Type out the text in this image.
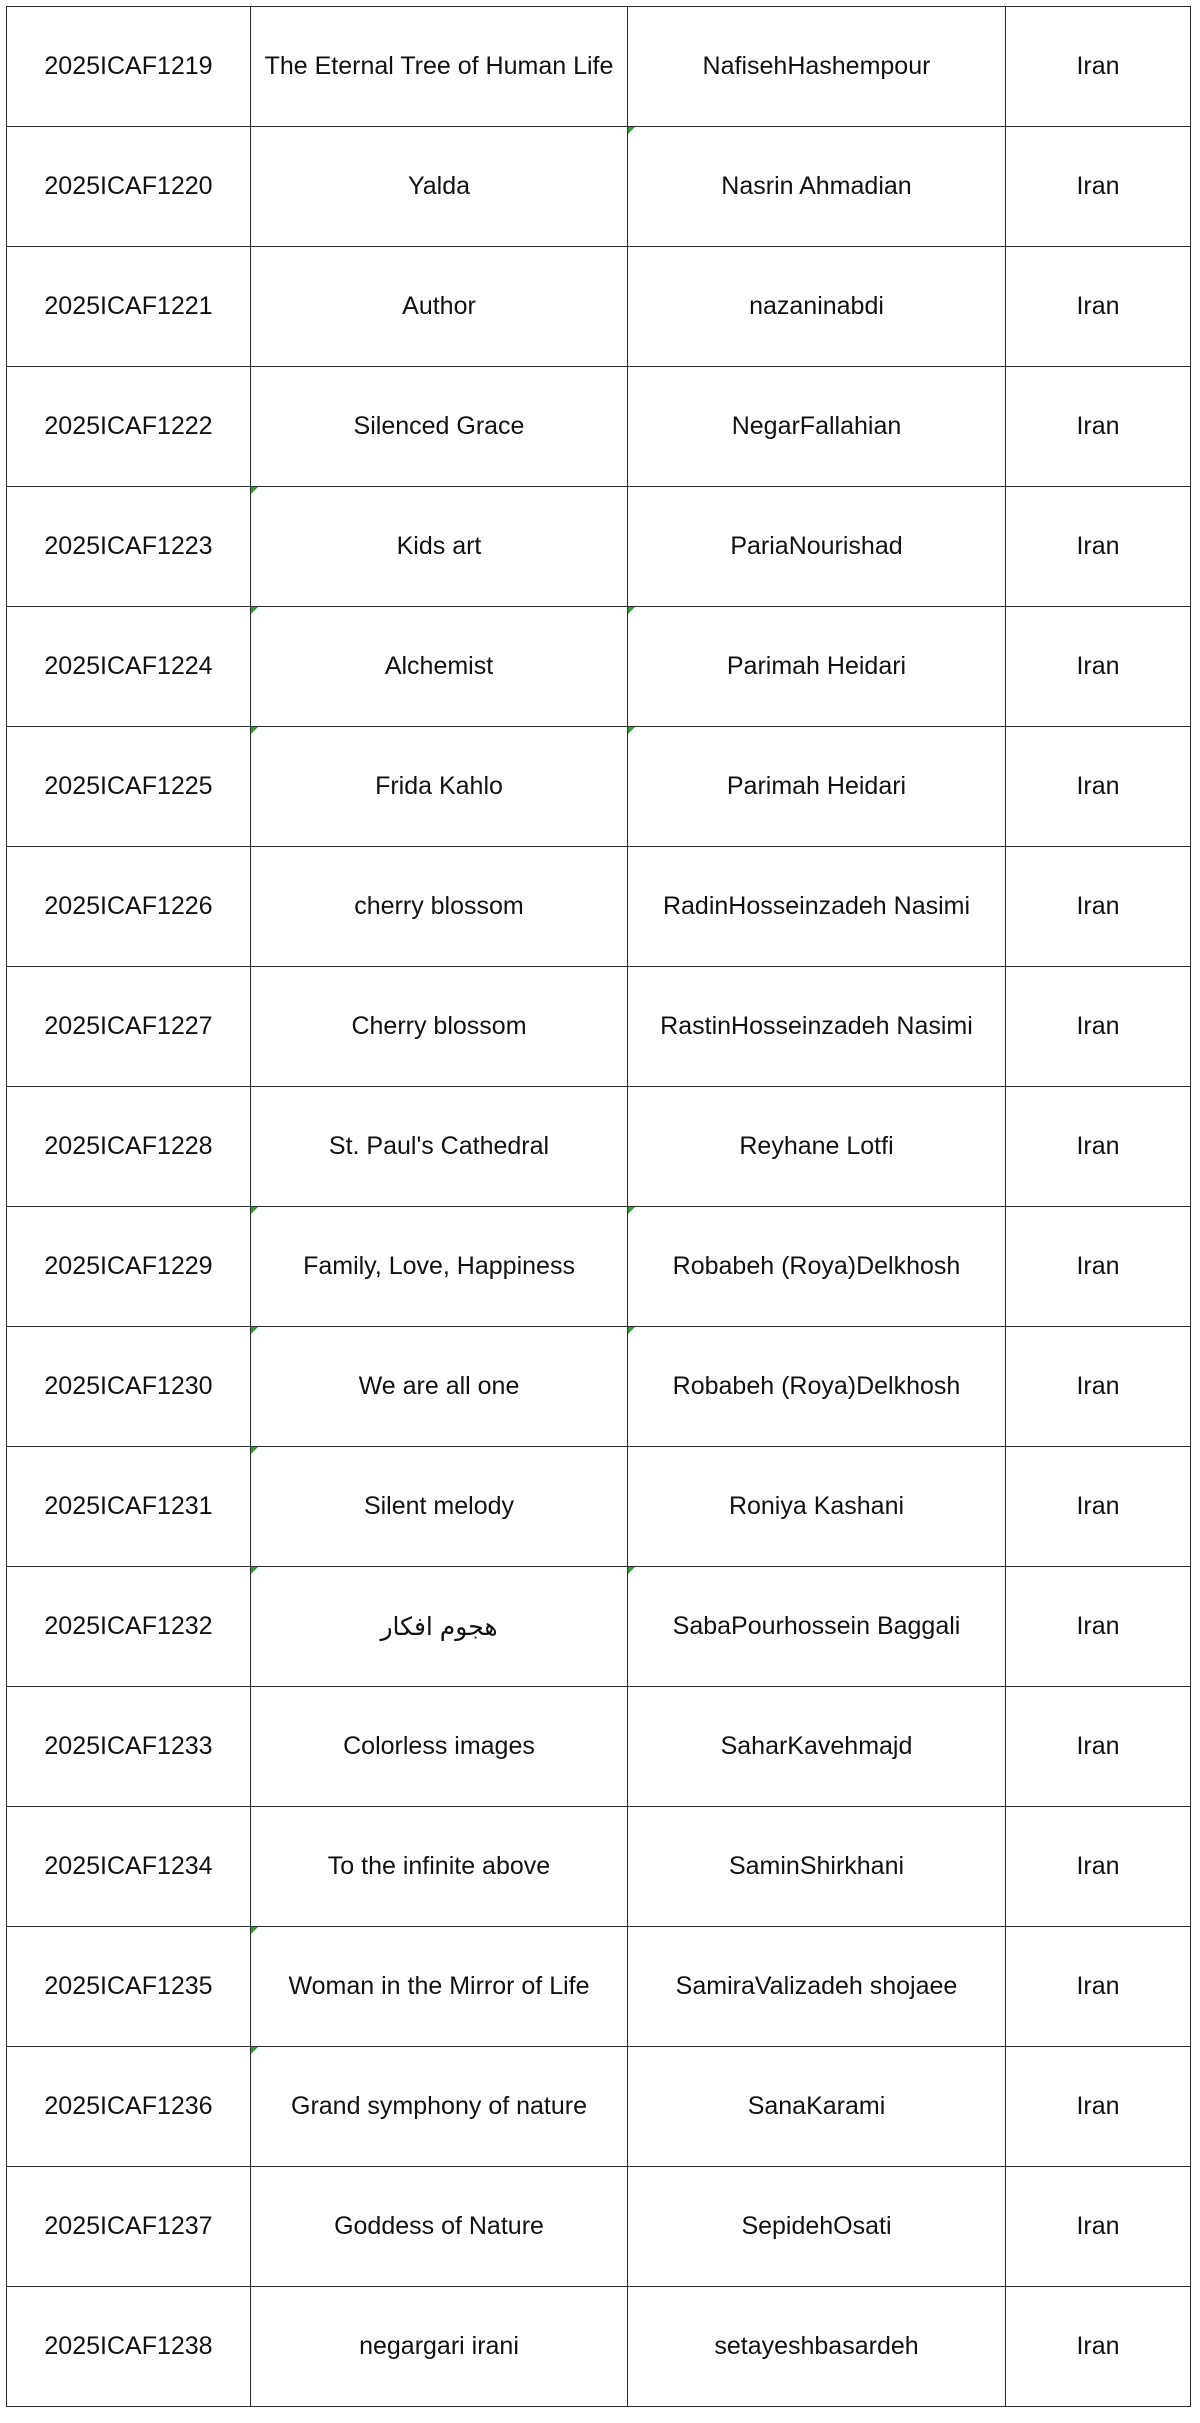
2025ICAF1219	The Eternal Tree of Human Life	NafisehHashempour	Iran
2025ICAF1220	Yalda	Nasrin Ahmadian	Iran
2025ICAF1221	Author	nazaninabdi	Iran
2025ICAF1222	Silenced Grace	NegarFallahian	Iran
2025ICAF1223	Kids art	PariaNourishad	Iran
2025ICAF1224	Alchemist	Parimah Heidari	Iran
2025ICAF1225	Frida Kahlo	Parimah Heidari	Iran
2025ICAF1226	cherry blossom	RadinHosseinzadeh Nasimi	Iran
2025ICAF1227	Cherry blossom	RastinHosseinzadeh Nasimi	Iran
2025ICAF1228	St. Paul's Cathedral	Reyhane Lotfi	Iran
2025ICAF1229	Family, Love, Happiness	Robabeh (Roya)Delkhosh	Iran
2025ICAF1230	We are all one	Robabeh (Roya)Delkhosh	Iran
2025ICAF1231	Silent melody	Roniya Kashani	Iran
2025ICAF1232	هجوم افکار	SabaPourhossein Baggali	Iran
2025ICAF1233	Colorless images	SaharKavehmajd	Iran
2025ICAF1234	To the infinite above	SaminShirkhani	Iran
2025ICAF1235	Woman in the Mirror of Life	SamiraValizadeh shojaee	Iran
2025ICAF1236	Grand symphony of nature	SanaKarami	Iran
2025ICAF1237	Goddess of Nature	SepidehOsati	Iran
2025ICAF1238	negargari irani	setayeshbasardeh	Iran
